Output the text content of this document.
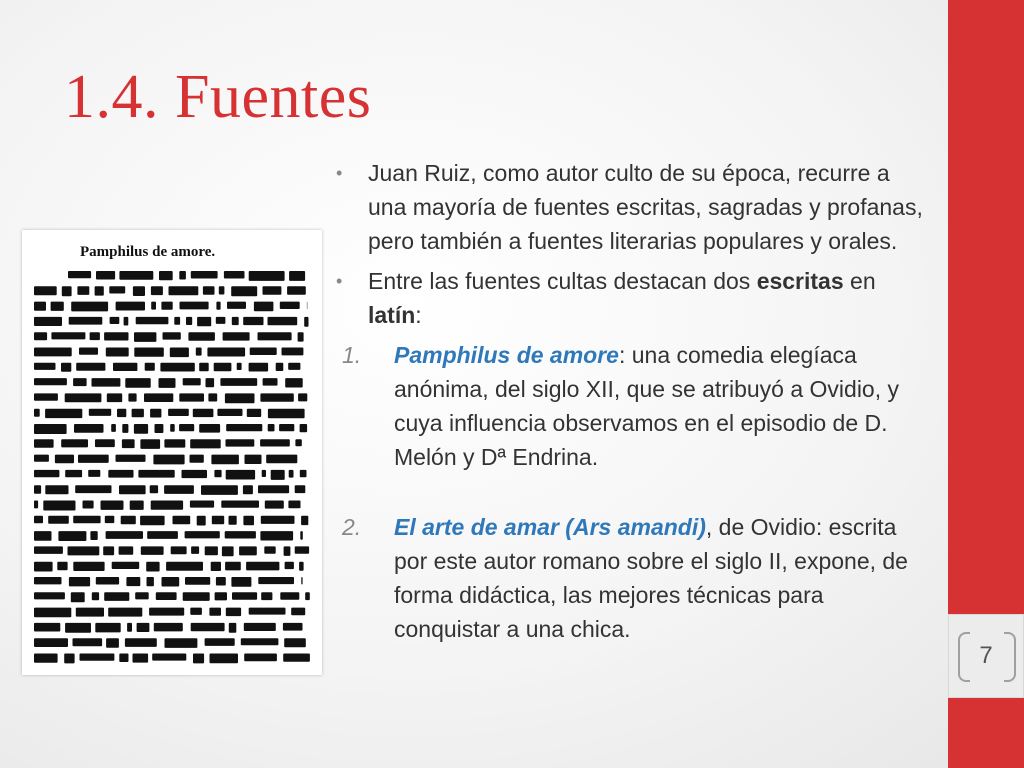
7
1.4. Fuentes
Pamphilus de amore.
• Juan Ruiz, como autor culto de su época, recurre a una mayoría de fuentes escritas, sagradas y profanas, pero también a fuentes literarias populares y orales.
• Entre las fuentes cultas destacan dos escritas en latín:
1. Pamphilus de amore: una comedia elegíaca anónima, del siglo XII, que se atribuyó a Ovidio, y cuya influencia observamos en el episodio de D. Melón y Dª Endrina.
2. El arte de amar (Ars amandi), de Ovidio: escrita por este autor romano sobre el siglo II, expone, de forma didáctica, las mejores técnicas para conquistar a una chica.
